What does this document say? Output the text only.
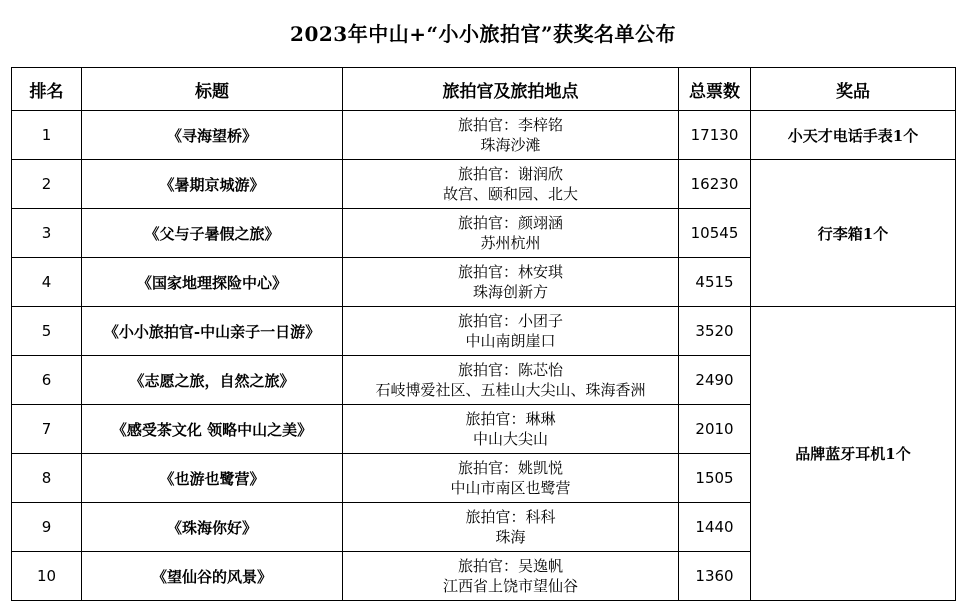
2023年中山+“小小旅拍官”获奖名单公布
排名	标题	旅拍官及旅拍地点	总票数	奖品
1	《寻海望桥》	旅拍官：李梓铭
珠海沙滩	17130	小天才电话手表1个
2	《暑期京城游》	旅拍官：谢润欣
故宫、颐和园、北大	16230	行李箱1个
3	《父与子暑假之旅》	旅拍官：颜翊涵
苏州杭州	10545	
4	《国家地理探险中心》	旅拍官：林安琪
珠海创新方	4515	
5	《小小旅拍官-中山亲子一日游》	旅拍官：小团子
中山南朗崖口	3520	品牌蓝牙耳机1个
6	《志愿之旅，自然之旅》	旅拍官：陈芯怡
石岐博爱社区、五桂山大尖山、珠海香洲	2490	
7	《感受茶文化 领略中山之美》	旅拍官：琳琳
中山大尖山	2010	
8	《也游也鹭营》	旅拍官：姚凯悦
中山市南区也鹭营	1505	
9	《珠海你好》	旅拍官：科科
珠海	1440	
10	《望仙谷的风景》	旅拍官：吴逸帆
江西省上饶市望仙谷	1360	
